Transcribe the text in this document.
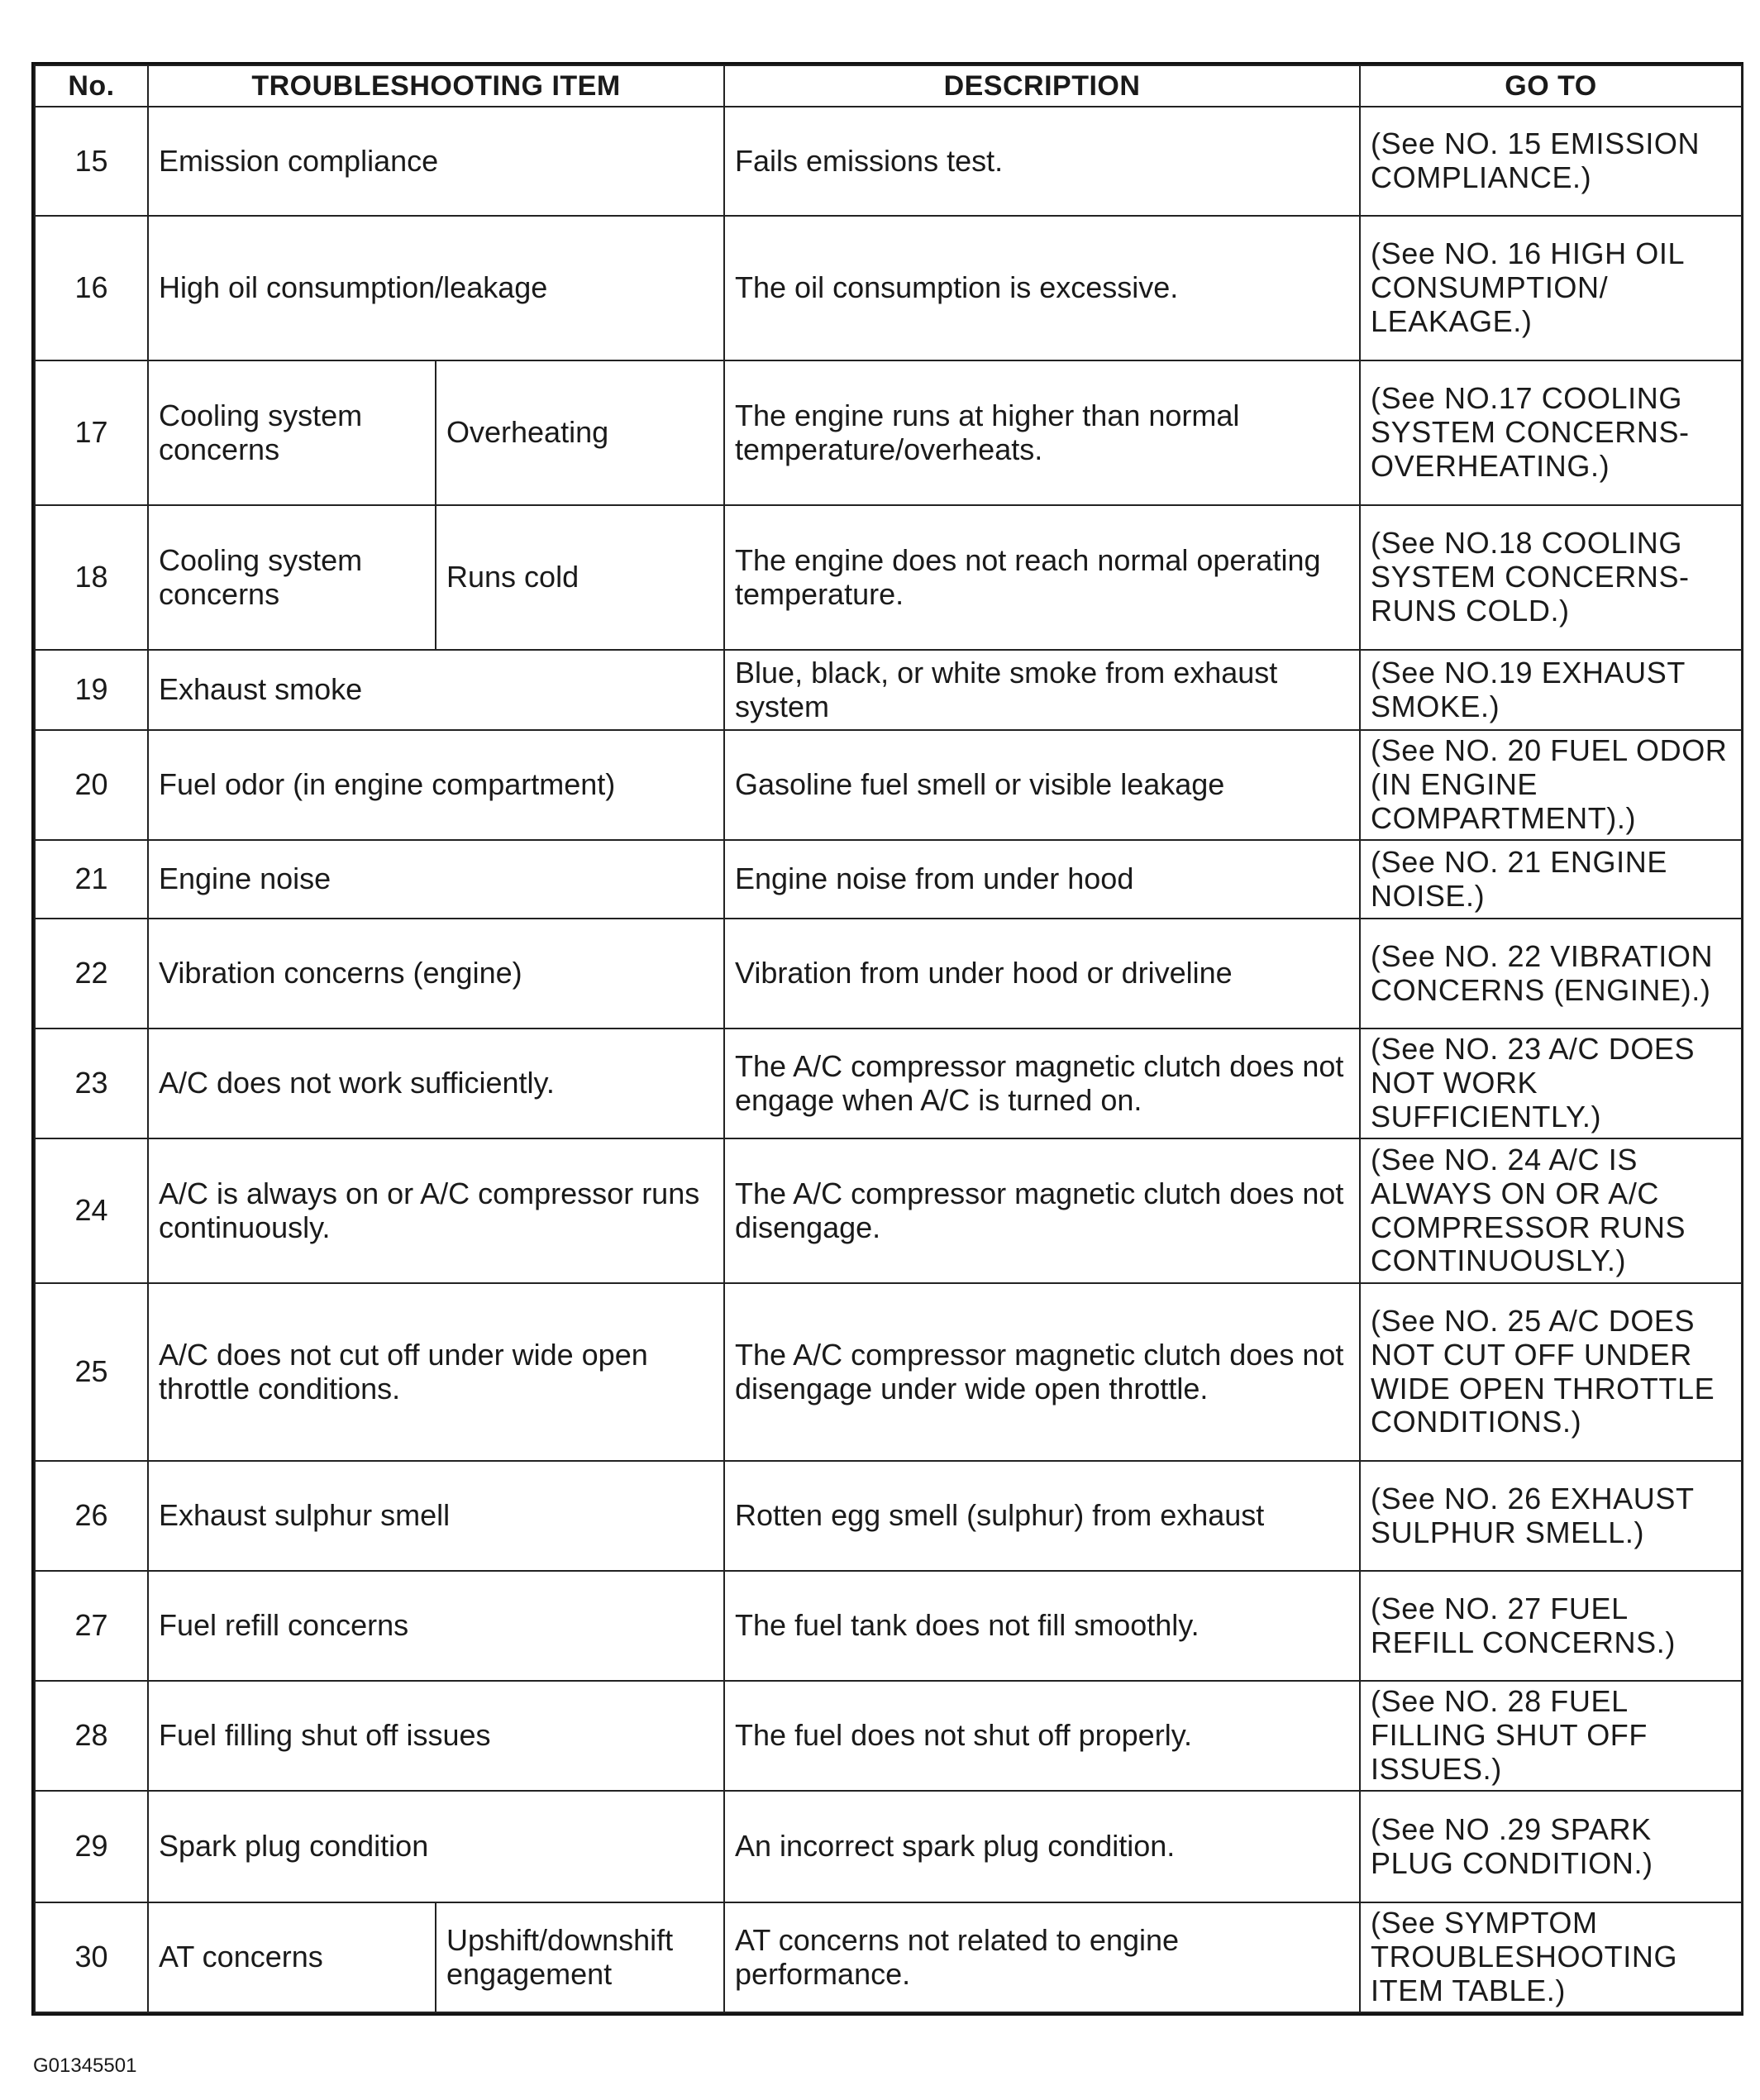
No.	TROUBLESHOOTING ITEM		DESCRIPTION	GO TO
15	Emission compliance		Fails emissions test.	(See NO. 15 EMISSION COMPLIANCE.)
16	High oil consumption/leakage		The oil consumption is excessive.	(See NO. 16 HIGH OIL CONSUMPTION/ LEAKAGE.)
17	Cooling system concerns	Overheating	The engine runs at higher than normal temperature/overheats.	(See NO.17 COOLING SYSTEM CONCERNS-OVERHEATING.)
18	Cooling system concerns	Runs cold	The engine does not reach normal operating temperature.	(See NO.18 COOLING SYSTEM CONCERNS-RUNS COLD.)
19	Exhaust smoke		Blue, black, or white smoke from exhaust system	(See NO.19 EXHAUST SMOKE.)
20	Fuel odor (in engine compartment)		Gasoline fuel smell or visible leakage	(See NO. 20 FUEL ODOR (IN ENGINE COMPARTMENT).)
21	Engine noise		Engine noise from under hood	(See NO. 21 ENGINE NOISE.)
22	Vibration concerns (engine)		Vibration from under hood or driveline	(See NO. 22 VIBRATION CONCERNS (ENGINE).)
23	A/C does not work sufficiently.		The A/C compressor magnetic clutch does not engage when A/C is turned on.	(See NO. 23 A/C DOES NOT WORK SUFFICIENTLY.)
24	A/C is always on or A/C compressor runs continuously.		The A/C compressor magnetic clutch does not disengage.	(See NO. 24 A/C IS ALWAYS ON OR A/C COMPRESSOR RUNS CONTINUOUSLY.)
25	A/C does not cut off under wide open throttle conditions.		The A/C compressor magnetic clutch does not disengage under wide open throttle.	(See NO. 25 A/C DOES NOT CUT OFF UNDER WIDE OPEN THROTTLE CONDITIONS.)
26	Exhaust sulphur smell		Rotten egg smell (sulphur) from exhaust	(See NO. 26 EXHAUST SULPHUR SMELL.)
27	Fuel refill concerns		The fuel tank does not fill smoothly.	(See NO. 27 FUEL REFILL CONCERNS.)
28	Fuel filling shut off issues		The fuel does not shut off properly.	(See NO. 28 FUEL FILLING SHUT OFF ISSUES.)
29	Spark plug condition		An incorrect spark plug condition.	(See NO .29 SPARK PLUG CONDITION.)
30	AT concerns	Upshift/downshift engagement	AT concerns not related to engine performance.	(See SYMPTOM TROUBLESHOOTING ITEM TABLE.)
G01345501
